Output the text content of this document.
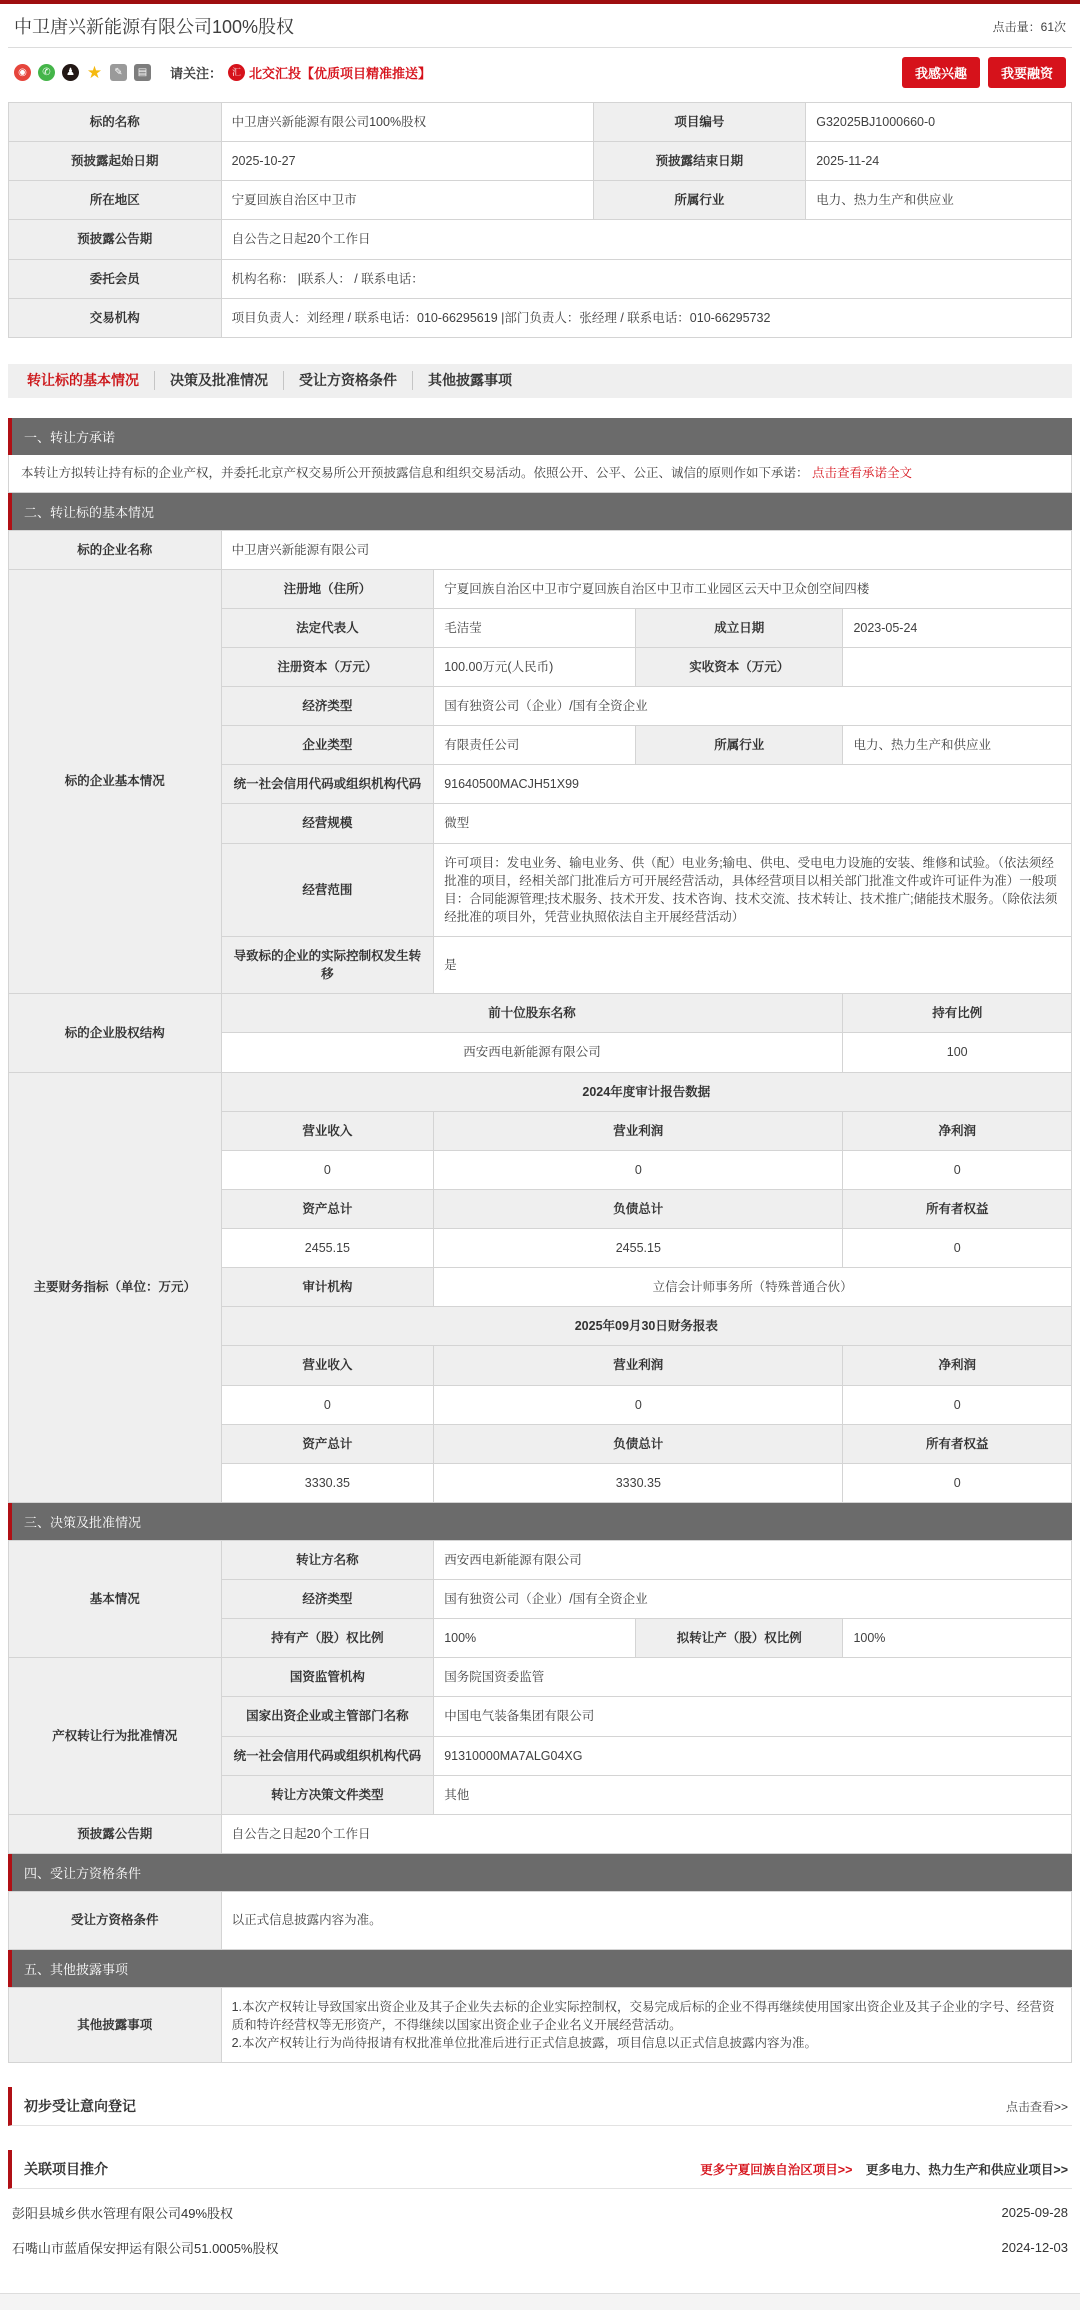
中卫唐兴新能源有限公司100%股权	点击量：61次
◉
✆
♟
★
✎
▤
请关注： 汇 北交汇投【优质项目精准推送】	我感兴趣	我要融资
标的名称	中卫唐兴新能源有限公司100%股权	项目编号	G32025BJ1000660-0
预披露起始日期	2025-10-27	预披露结束日期	2025-11-24
所在地区	宁夏回族自治区中卫市	所属行业	电力、热力生产和供应业
预披露公告期	自公告之日起20个工作日		
委托会员	机构名称： |联系人： / 联系电话：		
交易机构	项目负责人：刘经理 / 联系电话：010-66295619 |部门负责人：张经理 / 联系电话：010-66295732		
转让标的基本情况	决策及批准情况	受让方资格条件	其他披露事项
一、转让方承诺
本转让方拟转让持有标的企业产权，并委托北京产权交易所公开预披露信息和组织交易活动。依照公开、公平、公正、诚信的原则作如下承诺： 点击查看承诺全文
二、转让标的基本情况
标的企业名称	中卫唐兴新能源有限公司			
标的企业基本情况	注册地（住所）	宁夏回族自治区中卫市宁夏回族自治区中卫市工业园区云天中卫众创空间四楼		
	法定代表人	毛洁莹	成立日期	2023-05-24
	注册资本（万元）	100.00万元(人民币)	实收资本（万元）	
	经济类型	国有独资公司（企业）/国有全资企业		
	企业类型	有限责任公司	所属行业	电力、热力生产和供应业
	统一社会信用代码或组织机构代码	91640500MACJH51X99		
	经营规模	微型		
	经营范围	许可项目：发电业务、输电业务、供（配）电业务;输电、供电、受电电力设施的安装、维修和试验。（依法须经批准的项目，经相关部门批准后方可开展经营活动，具体经营项目以相关部门批准文件或许可证件为准）一般项目：合同能源管理;技术服务、技术开发、技术咨询、技术交流、技术转让、技术推广;储能技术服务。（除依法须经批准的项目外，凭营业执照依法自主开展经营活动）		
	导致标的企业的实际控制权发生转移	是		
标的企业股权结构	前十位股东名称			持有比例
	西安西电新能源有限公司			100
主要财务指标（单位：万元）	2024年度审计报告数据			
	营业收入	营业利润		净利润
	0	0		0
	资产总计	负债总计		所有者权益
	2455.15	2455.15		0
	审计机构	立信会计师事务所（特殊普通合伙）		
	2025年09月30日财务报表			
	营业收入	营业利润		净利润
	0	0		0
	资产总计	负债总计		所有者权益
	3330.35	3330.35		0
三、决策及批准情况
基本情况	转让方名称	西安西电新能源有限公司		
	经济类型	国有独资公司（企业）/国有全资企业		
	持有产（股）权比例	100%	拟转让产（股）权比例	100%
产权转让行为批准情况	国资监管机构	国务院国资委监管		
	国家出资企业或主管部门名称	中国电气装备集团有限公司		
	统一社会信用代码或组织机构代码	91310000MA7ALG04XG		
	转让方决策文件类型	其他		
预披露公告期	自公告之日起20个工作日			
四、受让方资格条件
受让方资格条件	以正式信息披露内容为准。
五、其他披露事项
其他披露事项	
1.本次产权转让导致国家出资企业及其子企业失去标的企业实际控制权，交易完成后标的企业不得再继续使用国家出资企业及其子企业的字号、经营资质和特许经营权等无形资产，不得继续以国家出资企业子企业名义开展经营活动。
2.本次产权转让行为尚待报请有权批准单位批准后进行正式信息披露，项目信息以正式信息披露内容为准。
初步受让意向登记	点击查看>>
关联项目推介	更多宁夏回族自治区项目>> 更多电力、热力生产和供应业项目>>
彭阳县城乡供水管理有限公司49%股权	2025-09-28
石嘴山市蓝盾保安押运有限公司51.0005%股权	2024-12-03
